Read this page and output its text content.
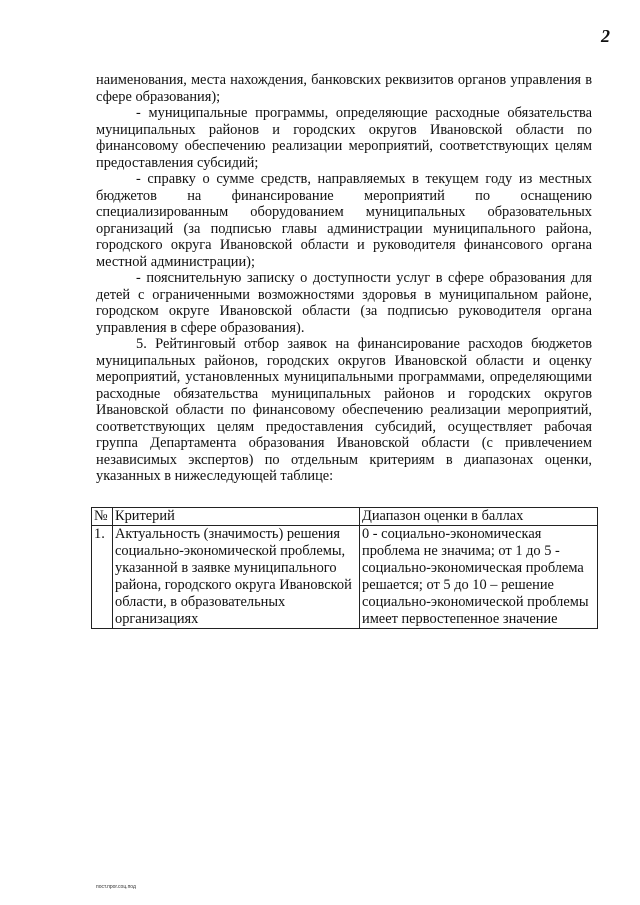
2

наименования, места нахождения, банковских реквизитов органов управления в сфере образования);

- муниципальные программы, определяющие расходные обязательства муниципальных районов и городских округов Ивановской области по финансовому обеспечению реализации мероприятий, соответствующих целям предоставления субсидий;

- справку о сумме средств, направляемых в текущем году из местных бюджетов на финансирование мероприятий по оснащению специализированным оборудованием муниципальных образовательных организаций (за подписью главы администрации муниципального района, городского округа Ивановской области и руководителя финансового органа местной администрации);

- пояснительную записку о доступности услуг в сфере образования для детей с ограниченными возможностями здоровья в муниципальном районе, городском округе Ивановской области (за подписью руководителя органа управления в сфере образования).

5. Рейтинговый отбор заявок на финансирование расходов бюджетов муниципальных районов, городских округов Ивановской области и оценку мероприятий, установленных муниципальными программами, определяющими расходные обязательства муниципальных районов и городских округов Ивановской области по финансовому обеспечению реализации мероприятий, соответствующих целям предоставления субсидий, осуществляет рабочая группа Департамента образования Ивановской области (с привлечением независимых экспертов) по отдельным критериям в диапазонах оценки, указанных в нижеследующей таблице:

№	Критерий	Диапазон оценки в баллах
1.	Актуальность (значимость) решения социально-экономической проблемы, указанной в заявке муниципального района, городского округа Ивановской области, в образовательных организациях	0 - социально-экономическая проблема не значима; от 1 до 5 - социально-экономическая проблема решается; от 5 до 10 – решение социально-экономической проблемы имеет первостепенное значение
пост.прог.соц.под
